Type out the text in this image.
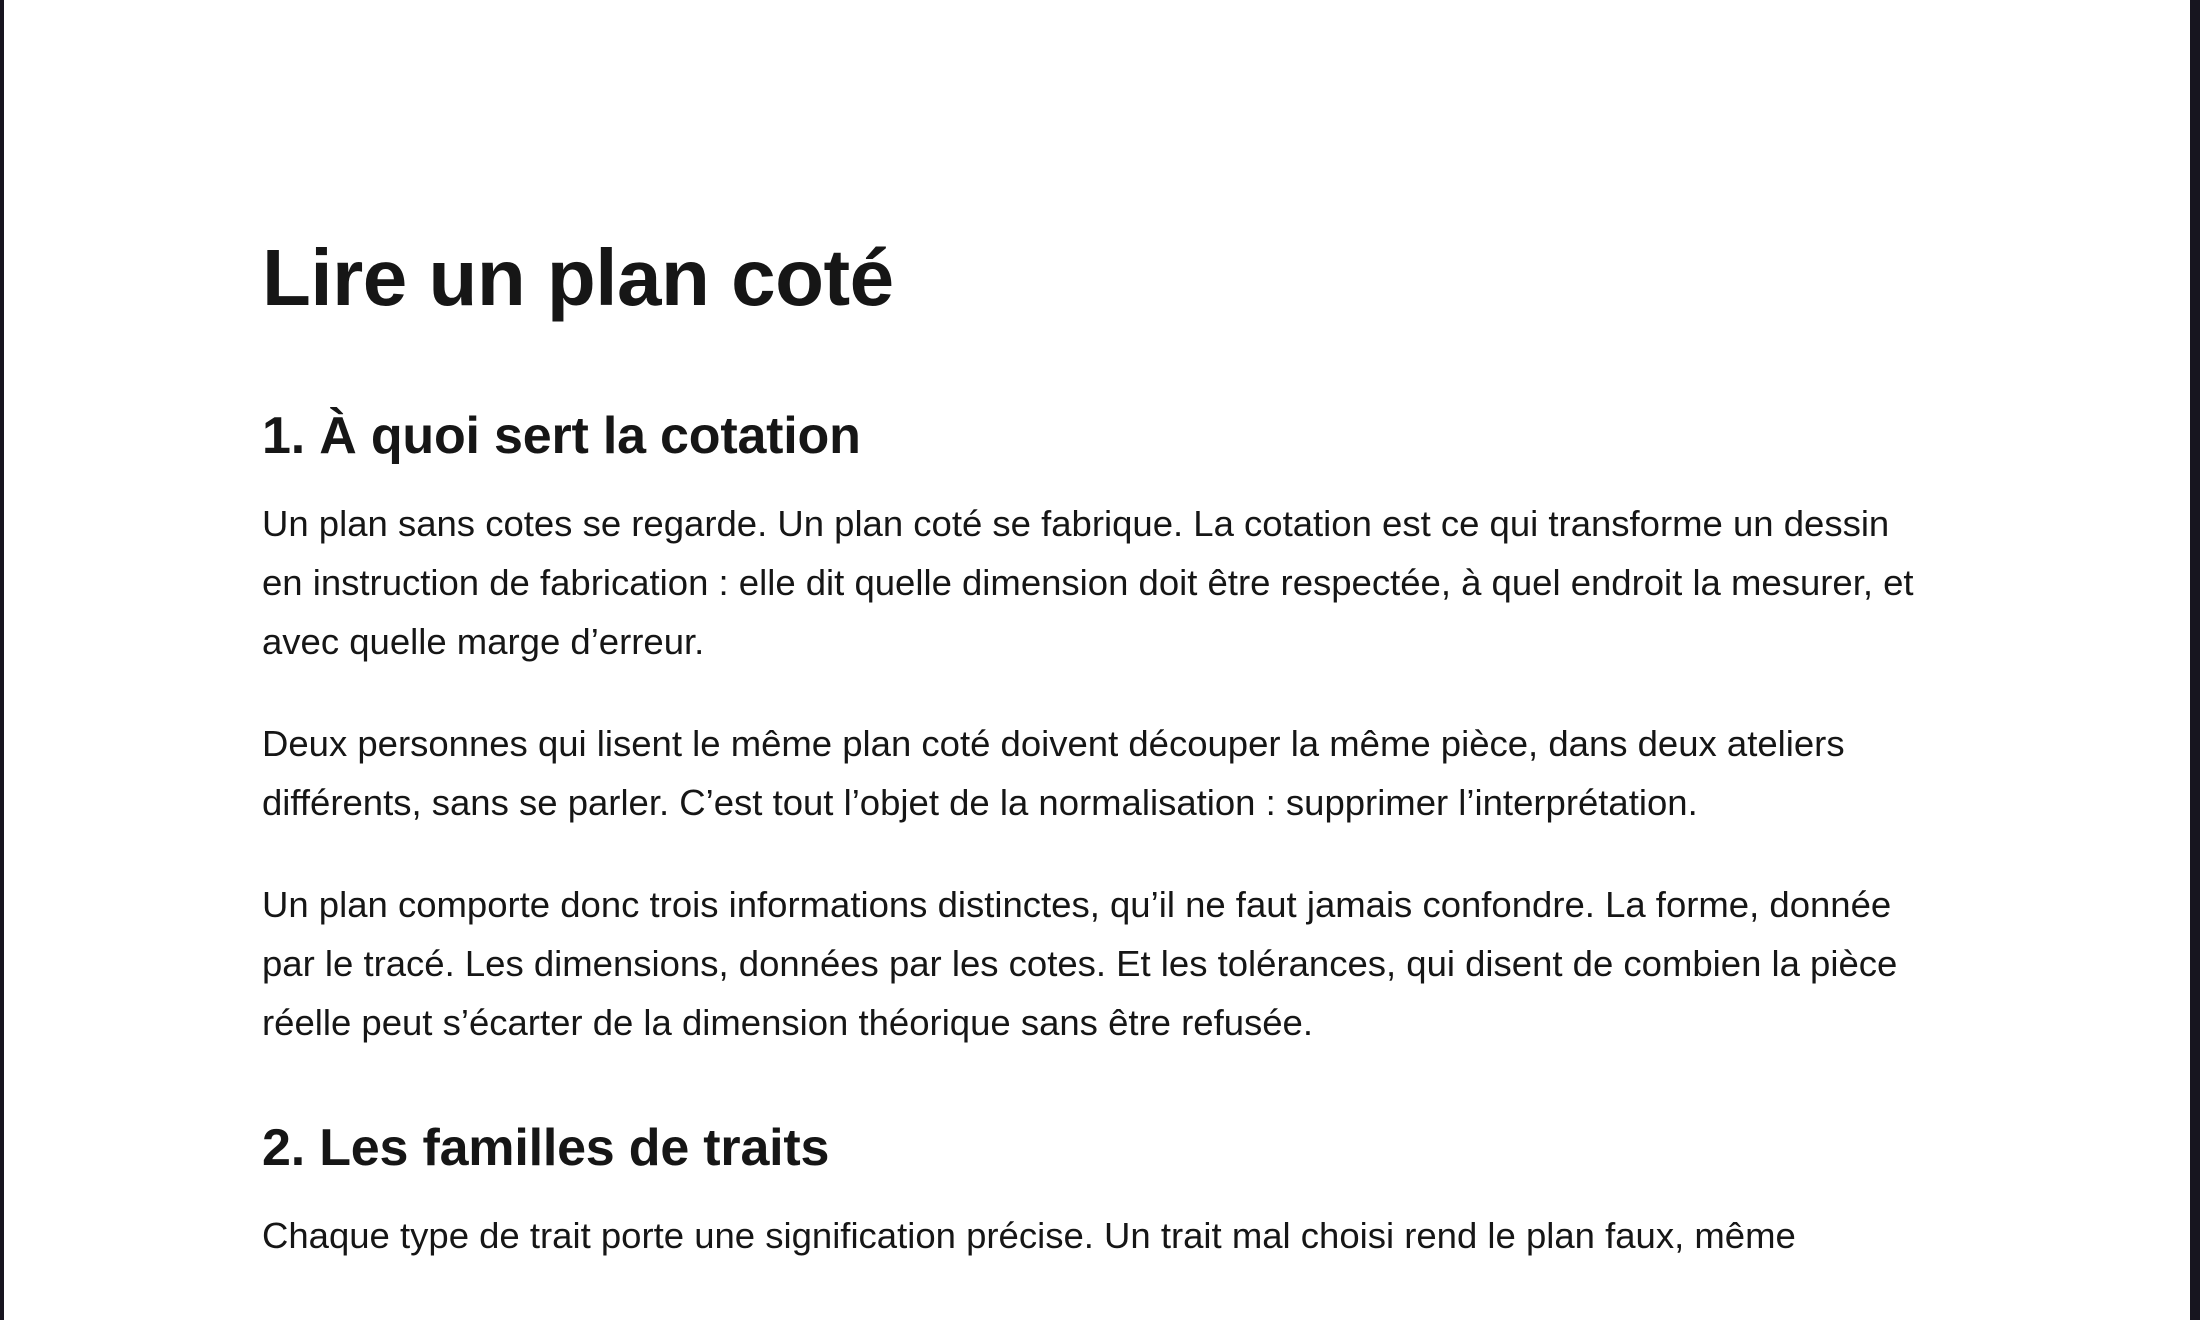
Lire un plan coté
1. À quoi sert la cotation

Un plan sans cotes se regarde. Un plan coté se fabrique. La cotation est ce qui transforme un dessin en instruction de fabrication : elle dit quelle dimension doit être respectée, à quel endroit la mesurer, et avec quelle marge d’erreur.

Deux personnes qui lisent le même plan coté doivent découper la même pièce, dans deux ateliers différents, sans se parler. C’est tout l’objet de la normalisation : supprimer l’interprétation.

Un plan comporte donc trois informations distinctes, qu’il ne faut jamais confondre. La forme, donnée par le tracé. Les dimensions, données par les cotes. Et les tolérances, qui disent de combien la pièce réelle peut s’écarter de la dimension théorique sans être refusée.

2. Les familles de traits

Chaque type de trait porte une signification précise. Un trait mal choisi rend le plan faux, même
